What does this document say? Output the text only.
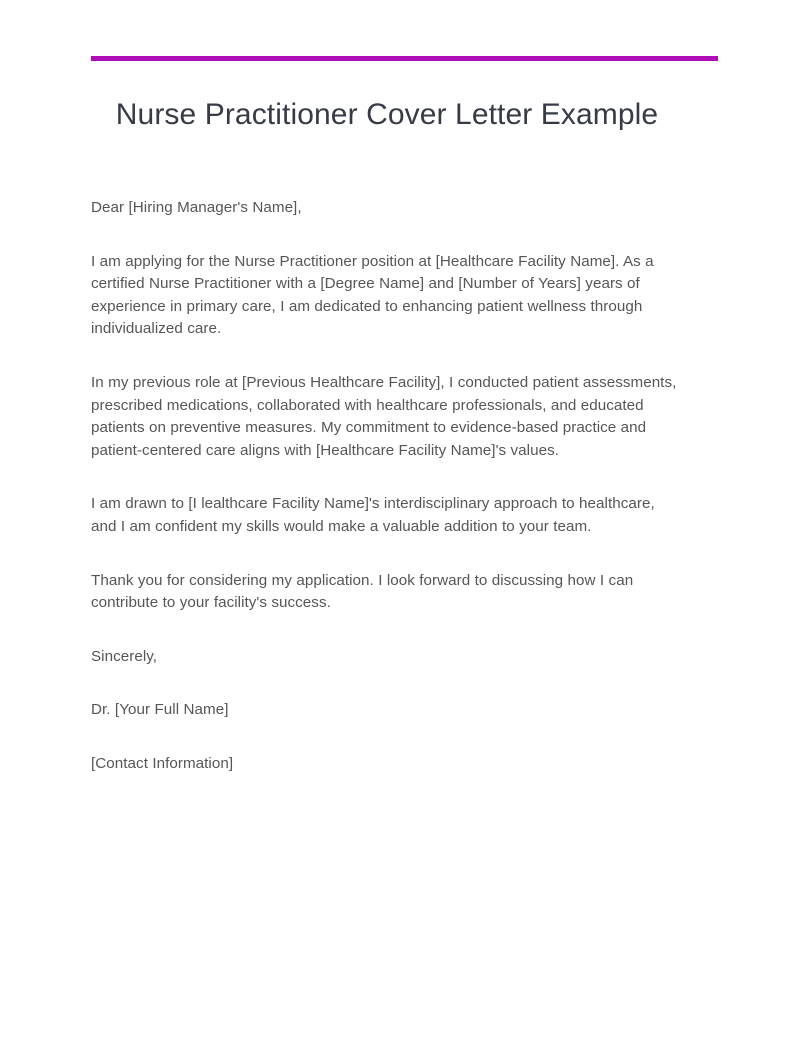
Nurse Practitioner Cover Letter Example

Dear [Hiring Manager's Name],

I am applying for the Nurse Practitioner position at [Healthcare Facility Name]. As a certified Nurse Practitioner with a [Degree Name] and [Number of Years] years of experience in primary care, I am dedicated to enhancing patient wellness through individualized care.

In my previous role at [Previous Healthcare Facility], I conducted patient assessments, prescribed medications, collaborated with healthcare professionals, and educated patients on preventive measures. My commitment to evidence-based practice and patient-centered care aligns with [Healthcare Facility Name]'s values.

I am drawn to [I lealthcare Facility Name]'s interdisciplinary approach to healthcare, and I am confident my skills would make a valuable addition to your team.

Thank you for considering my application. I look forward to discussing how I can contribute to your facility's success.

Sincerely,

Dr. [Your Full Name]

[Contact Information]
